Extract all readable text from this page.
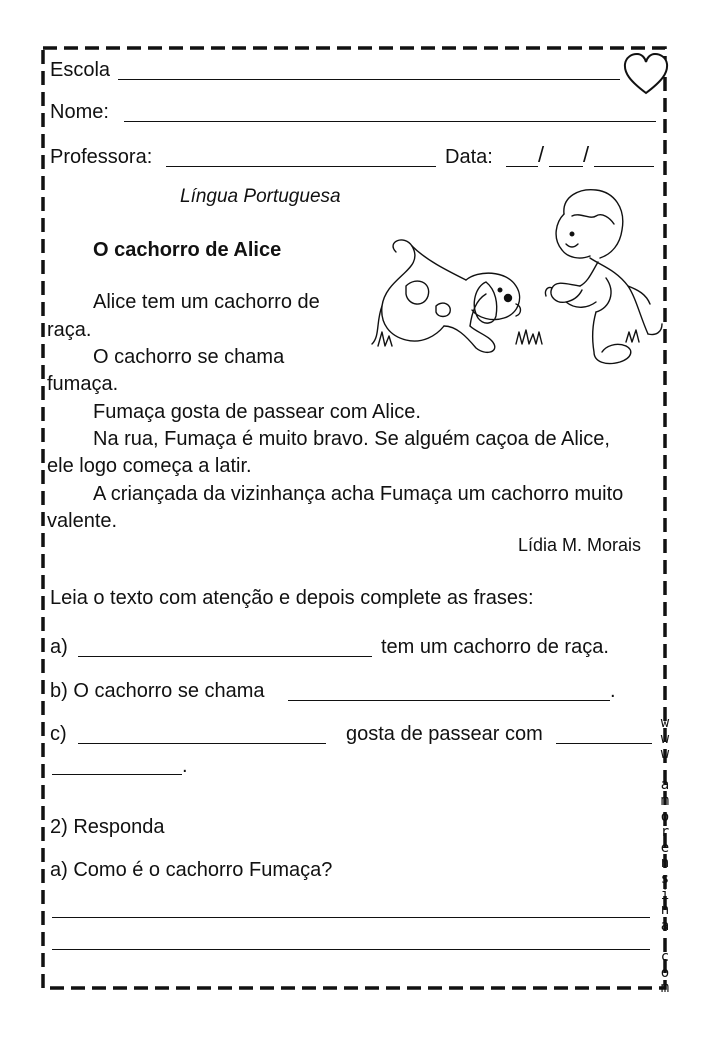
Escola
Nome:
Professora:	Data: / /
Língua Portuguesa
O cachorro de Alice
Alice tem um cachorro de
raça.
O cachorro se chama
fumaça.
Fumaça gosta de passear com Alice.
Na rua, Fumaça é muito bravo. Se alguém caçoa de Alice,
ele logo começa a latir.
A criançada da vizinhança acha Fumaça um cachorro muito
valente.
Lídia M. Morais
Leia o texto com atenção e depois complete as frases:
a)	tem um cachorro de raça.
b) O cachorro se chama	.
c)	gosta de passear com
.
2) Responda
a) Como é o cachorro Fumaça?
w
w
w
.
a
m
o
r
e
n
s
i
n
a
.
c
o
m
